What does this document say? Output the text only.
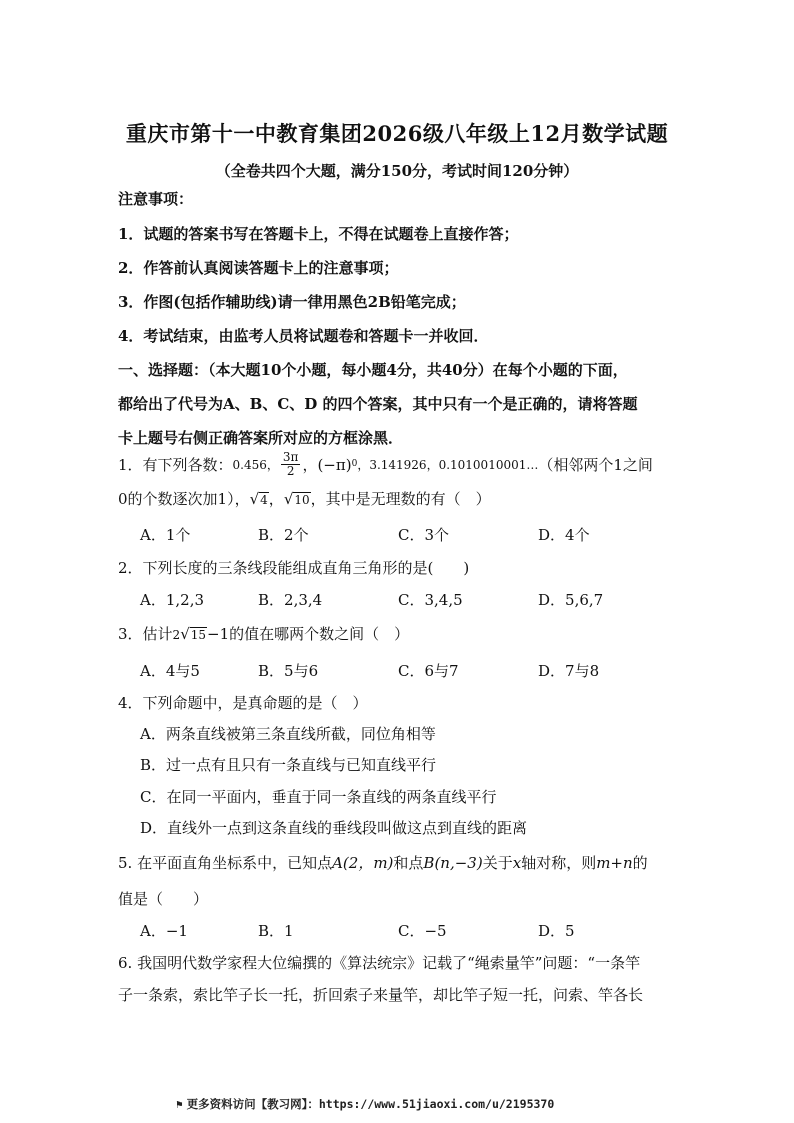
重庆市第十一中教育集团2026级八年级上12月数学试题
（全卷共四个大题，满分150分，考试时间120分钟）
注意事项：
1．试题的答案书写在答题卡上，不得在试题卷上直接作答；
2．作答前认真阅读答题卡上的注意事项；
3．作图(包括作辅助线)请一律用黑色2B铅笔完成；
4．考试结束，由监考人员将试题卷和答题卡一并收回．
一、选择题：（本大题10个小题，每小题4分，共40分）在每个小题的下面，
都给出了代号为A、B、C、D 的四个答案，其中只有一个是正确的，请将答题
卡上题号右侧正确答案所对应的方框涂黑．
1．有下列各数： 0.456， $\frac{3\pi}{2}$ ，(−π) 0 ，3.141926，0.1010010001… （相邻两个1之间
0的个数逐次加1），√4，√10，其中是无理数的有（　）
A．1个	B．2个	C．3个	D．4个
2．下列长度的三条线段能组成直角三角形的是(　　)
A．1,2,3	B．2,3,4	C．3,4,5	D．5,6,7
3．估计2√15−1的值在哪两个数之间（　）
A．4与5	B．5与6	C．6与7	D．7与8
4．下列命题中，是真命题的是（　）
A．两条直线被第三条直线所截，同位角相等
B．过一点有且只有一条直线与已知直线平行
C．在同一平面内，垂直于同一条直线的两条直线平行
D．直线外一点到这条直线的垂线段叫做这点到直线的距离
5. 在平面直角坐标系中，已知点A(2，m)和点B(n,−3)关于x轴对称，则m+n的
值是（　　）
A．−1	B．1	C．−5	D．5
6. 我国明代数学家程大位编撰的《算法统宗》记载了“绳索量竿”问题：“一条竿
子一条索，索比竿子长一托，折回索子来量竿，却比竿子短一托，问索、竿各长
⚑ 更多资料访问【教习网】：https://www.51jiaoxi.com/u/2195370
